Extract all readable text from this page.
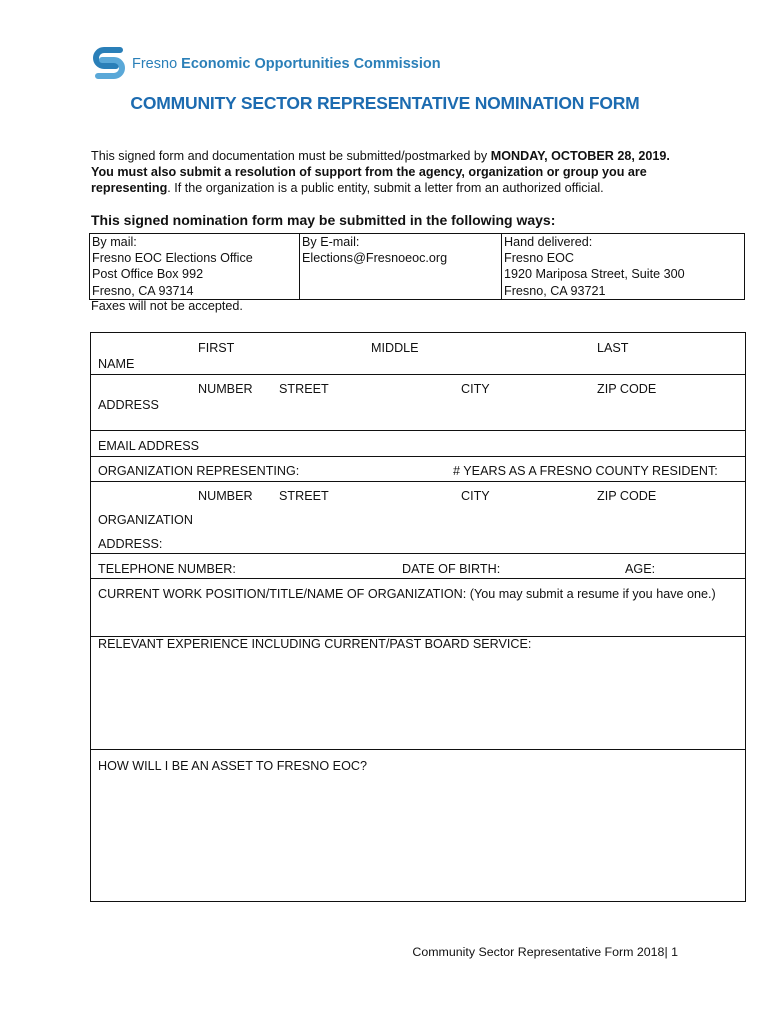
Fresno Economic Opportunities Commission
COMMUNITY SECTOR REPRESENTATIVE NOMINATION FORM
This signed form and documentation must be submitted/postmarked by MONDAY, OCTOBER 28, 2019. You must also submit a resolution of support from the agency, organization or group you are representing. If the organization is a public entity, submit a letter from an authorized official.
This signed nomination form may be submitted in the following ways:
By mail:
Fresno EOC Elections Office
Post Office Box 992
Fresno, CA 93714

By E-mail:
Elections@Fresnoeoc.org

Hand delivered:
Fresno EOC
1920 Mariposa Street, Suite 300
Fresno, CA 93721
Faxes will not be accepted.
FIRST	MIDDLE	LAST
NAME
NUMBER STREET	CITY	ZIP CODE
ADDRESS
EMAIL ADDRESS
ORGANIZATION REPRESENTING:	# YEARS AS A FRESNO COUNTY RESIDENT:
NUMBER STREET	CITY	ZIP CODE
ORGANIZATION
ADDRESS:
TELEPHONE NUMBER:	DATE OF BIRTH:	AGE:
CURRENT WORK POSITION/TITLE/NAME OF ORGANIZATION: (You may submit a resume if you have one.)
RELEVANT EXPERIENCE INCLUDING CURRENT/PAST BOARD SERVICE:
HOW WILL I BE AN ASSET TO FRESNO EOC?
Community Sector Representative Form 2018| 1
